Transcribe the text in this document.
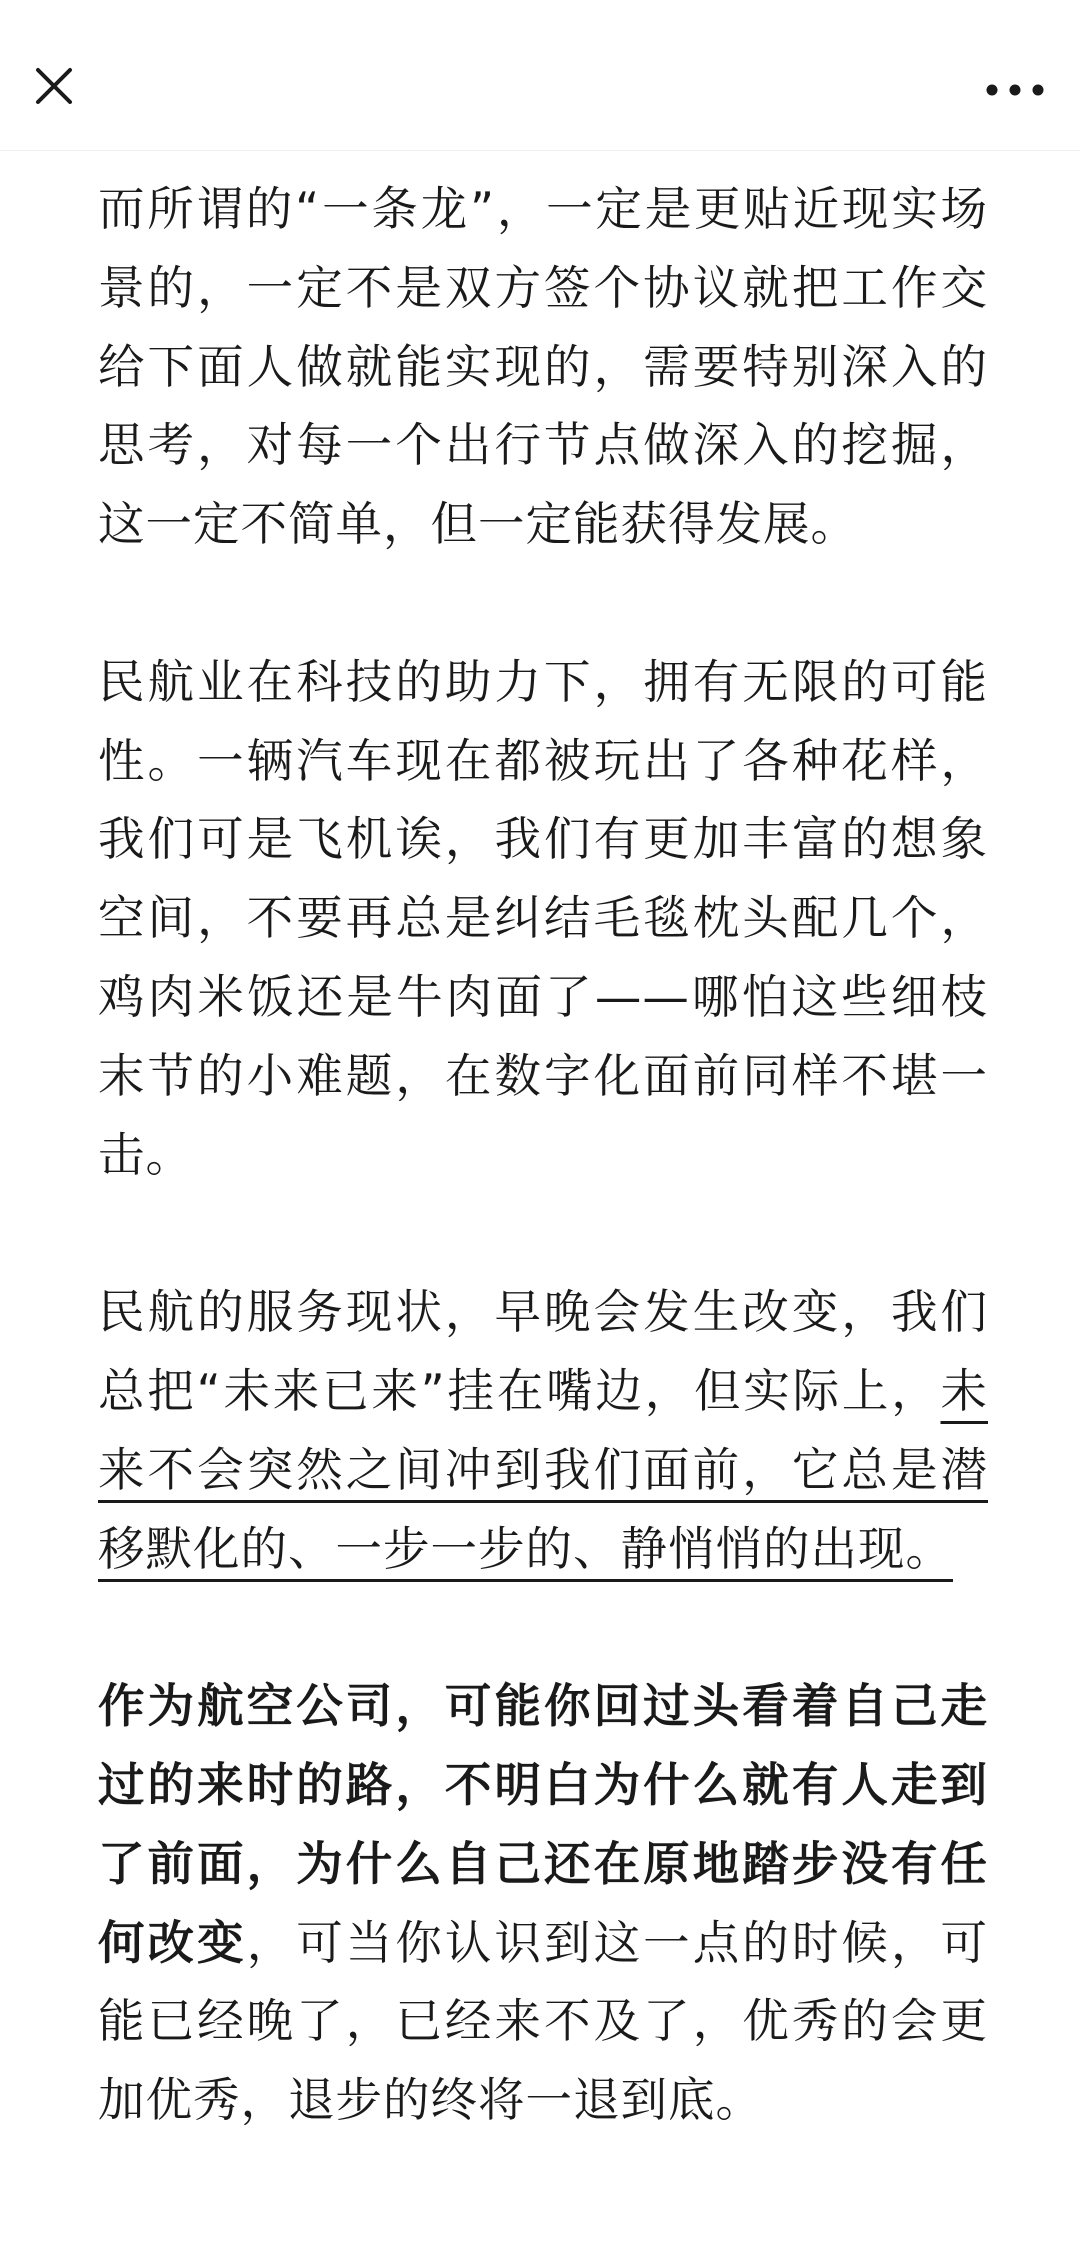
而所谓的“一条龙”，一定是更贴近现实场景的，一定不是双方签个协议就把工作交给下面人做就能实现的，需要特别深入的思考，对每一个出行节点做深入的挖掘，这一定不简单，但一定能获得发展。

民航业在科技的助力下，拥有无限的可能性。一辆汽车现在都被玩出了各种花样，我们可是飞机诶，我们有更加丰富的想象空间，不要再总是纠结毛毯枕头配几个，鸡肉米饭还是牛肉面了——哪怕这些细枝末节的小难题，在数字化面前同样不堪一击。

民航的服务现状，早晚会发生改变，我们总把“未来已来”挂在嘴边，但实际上，未来不会突然之间冲到我们面前，它总是潜移默化的、一步一步的、静悄悄的出现。

作为航空公司，可能你回过头看着自己走过的来时的路，不明白为什么就有人走到了前面，为什么自己还在原地踏步没有任何改变，可当你认识到这一点的时候，可能已经晚了，已经来不及了，优秀的会更加优秀，退步的终将一退到底。
